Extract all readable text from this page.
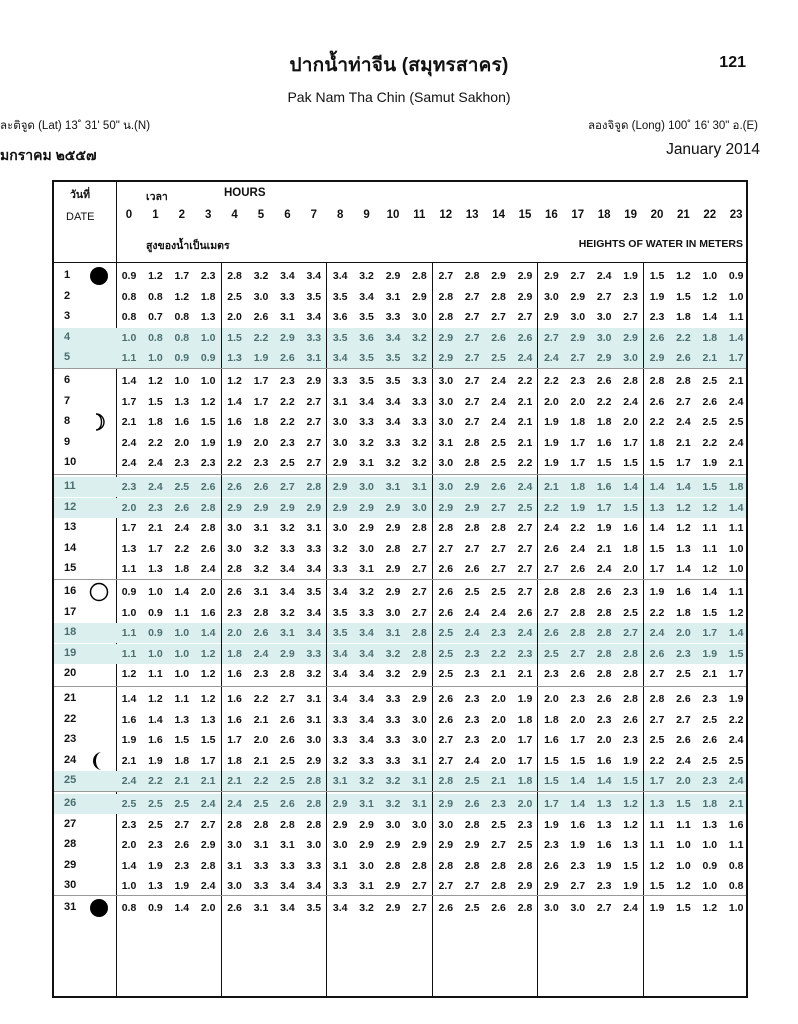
ปากน้ำท่าจีน (สมุทรสาคร)	121
Pak Nam Tha Chin (Samut Sakhon)
ละติจูด (Lat) 13˚ 31' 50" น.(N)	ลองจิจูด (Long) 100˚ 16' 30" อ.(E)
มกราคม ๒๕๕๗	January 2014
วันที่
DATE
เวลา	HOURS
สูงของน้ำเป็นเมตร	HEIGHTS OF WATER IN METERS
0	1	2	3	4	5	6	7	8	9	10	11	12	13	14	15	16	17	18	19	20	21	22	23
1	0.9	1.2	1.7	2.3	2.8	3.2	3.4	3.4	3.4	3.2	2.9	2.8	2.7	2.8	2.9	2.9	2.9	2.7	2.4	1.9	1.5	1.2	1.0	0.9
2	0.8	0.8	1.2	1.8	2.5	3.0	3.3	3.5	3.5	3.4	3.1	2.9	2.8	2.7	2.8	2.9	3.0	2.9	2.7	2.3	1.9	1.5	1.2	1.0
3	0.8	0.7	0.8	1.3	2.0	2.6	3.1	3.4	3.6	3.5	3.3	3.0	2.8	2.7	2.7	2.7	2.9	3.0	3.0	2.7	2.3	1.8	1.4	1.1
4	1.0	0.8	0.8	1.0	1.5	2.2	2.9	3.3	3.5	3.6	3.4	3.2	2.9	2.7	2.6	2.6	2.7	2.9	3.0	2.9	2.6	2.2	1.8	1.4
5	1.1	1.0	0.9	0.9	1.3	1.9	2.6	3.1	3.4	3.5	3.5	3.2	2.9	2.7	2.5	2.4	2.4	2.7	2.9	3.0	2.9	2.6	2.1	1.7
6	1.4	1.2	1.0	1.0	1.2	1.7	2.3	2.9	3.3	3.5	3.5	3.3	3.0	2.7	2.4	2.2	2.2	2.3	2.6	2.8	2.8	2.8	2.5	2.1
7	1.7	1.5	1.3	1.2	1.4	1.7	2.2	2.7	3.1	3.4	3.4	3.3	3.0	2.7	2.4	2.1	2.0	2.0	2.2	2.4	2.6	2.7	2.6	2.4
8	2.1	1.8	1.6	1.5	1.6	1.8	2.2	2.7	3.0	3.3	3.4	3.3	3.0	2.7	2.4	2.1	1.9	1.8	1.8	2.0	2.2	2.4	2.5	2.5
9	2.4	2.2	2.0	1.9	1.9	2.0	2.3	2.7	3.0	3.2	3.3	3.2	3.1	2.8	2.5	2.1	1.9	1.7	1.6	1.7	1.8	2.1	2.2	2.4
10	2.4	2.4	2.3	2.3	2.2	2.3	2.5	2.7	2.9	3.1	3.2	3.2	3.0	2.8	2.5	2.2	1.9	1.7	1.5	1.5	1.5	1.7	1.9	2.1
11	2.3	2.4	2.5	2.6	2.6	2.6	2.7	2.8	2.9	3.0	3.1	3.1	3.0	2.9	2.6	2.4	2.1	1.8	1.6	1.4	1.4	1.4	1.5	1.8
12	2.0	2.3	2.6	2.8	2.9	2.9	2.9	2.9	2.9	2.9	2.9	3.0	2.9	2.9	2.7	2.5	2.2	1.9	1.7	1.5	1.3	1.2	1.2	1.4
13	1.7	2.1	2.4	2.8	3.0	3.1	3.2	3.1	3.0	2.9	2.9	2.8	2.8	2.8	2.8	2.7	2.4	2.2	1.9	1.6	1.4	1.2	1.1	1.1
14	1.3	1.7	2.2	2.6	3.0	3.2	3.3	3.3	3.2	3.0	2.8	2.7	2.7	2.7	2.7	2.7	2.6	2.4	2.1	1.8	1.5	1.3	1.1	1.0
15	1.1	1.3	1.8	2.4	2.8	3.2	3.4	3.4	3.3	3.1	2.9	2.7	2.6	2.6	2.7	2.7	2.7	2.6	2.4	2.0	1.7	1.4	1.2	1.0
16	0.9	1.0	1.4	2.0	2.6	3.1	3.4	3.5	3.4	3.2	2.9	2.7	2.6	2.5	2.5	2.7	2.8	2.8	2.6	2.3	1.9	1.6	1.4	1.1
17	1.0	0.9	1.1	1.6	2.3	2.8	3.2	3.4	3.5	3.3	3.0	2.7	2.6	2.4	2.4	2.6	2.7	2.8	2.8	2.5	2.2	1.8	1.5	1.2
18	1.1	0.9	1.0	1.4	2.0	2.6	3.1	3.4	3.5	3.4	3.1	2.8	2.5	2.4	2.3	2.4	2.6	2.8	2.8	2.7	2.4	2.0	1.7	1.4
19	1.1	1.0	1.0	1.2	1.8	2.4	2.9	3.3	3.4	3.4	3.2	2.8	2.5	2.3	2.2	2.3	2.5	2.7	2.8	2.8	2.6	2.3	1.9	1.5
20	1.2	1.1	1.0	1.2	1.6	2.3	2.8	3.2	3.4	3.4	3.2	2.9	2.5	2.3	2.1	2.1	2.3	2.6	2.8	2.8	2.7	2.5	2.1	1.7
21	1.4	1.2	1.1	1.2	1.6	2.2	2.7	3.1	3.4	3.4	3.3	2.9	2.6	2.3	2.0	1.9	2.0	2.3	2.6	2.8	2.8	2.6	2.3	1.9
22	1.6	1.4	1.3	1.3	1.6	2.1	2.6	3.1	3.3	3.4	3.3	3.0	2.6	2.3	2.0	1.8	1.8	2.0	2.3	2.6	2.7	2.7	2.5	2.2
23	1.9	1.6	1.5	1.5	1.7	2.0	2.6	3.0	3.3	3.4	3.3	3.0	2.7	2.3	2.0	1.7	1.6	1.7	2.0	2.3	2.5	2.6	2.6	2.4
24	2.1	1.9	1.8	1.7	1.8	2.1	2.5	2.9	3.2	3.3	3.3	3.1	2.7	2.4	2.0	1.7	1.5	1.5	1.6	1.9	2.2	2.4	2.5	2.5
25	2.4	2.2	2.1	2.1	2.1	2.2	2.5	2.8	3.1	3.2	3.2	3.1	2.8	2.5	2.1	1.8	1.5	1.4	1.4	1.5	1.7	2.0	2.3	2.4
26	2.5	2.5	2.5	2.4	2.4	2.5	2.6	2.8	2.9	3.1	3.2	3.1	2.9	2.6	2.3	2.0	1.7	1.4	1.3	1.2	1.3	1.5	1.8	2.1
27	2.3	2.5	2.7	2.7	2.8	2.8	2.8	2.8	2.9	2.9	3.0	3.0	3.0	2.8	2.5	2.3	1.9	1.6	1.3	1.2	1.1	1.1	1.3	1.6
28	2.0	2.3	2.6	2.9	3.0	3.1	3.1	3.0	3.0	2.9	2.9	2.9	2.9	2.9	2.7	2.5	2.3	1.9	1.6	1.3	1.1	1.0	1.0	1.1
29	1.4	1.9	2.3	2.8	3.1	3.3	3.3	3.3	3.1	3.0	2.8	2.8	2.8	2.8	2.8	2.8	2.6	2.3	1.9	1.5	1.2	1.0	0.9	0.8
30	1.0	1.3	1.9	2.4	3.0	3.3	3.4	3.4	3.3	3.1	2.9	2.7	2.7	2.7	2.8	2.9	2.9	2.7	2.3	1.9	1.5	1.2	1.0	0.8
31	0.8	0.9	1.4	2.0	2.6	3.1	3.4	3.5	3.4	3.2	2.9	2.7	2.6	2.5	2.6	2.8	3.0	3.0	2.7	2.4	1.9	1.5	1.2	1.0
